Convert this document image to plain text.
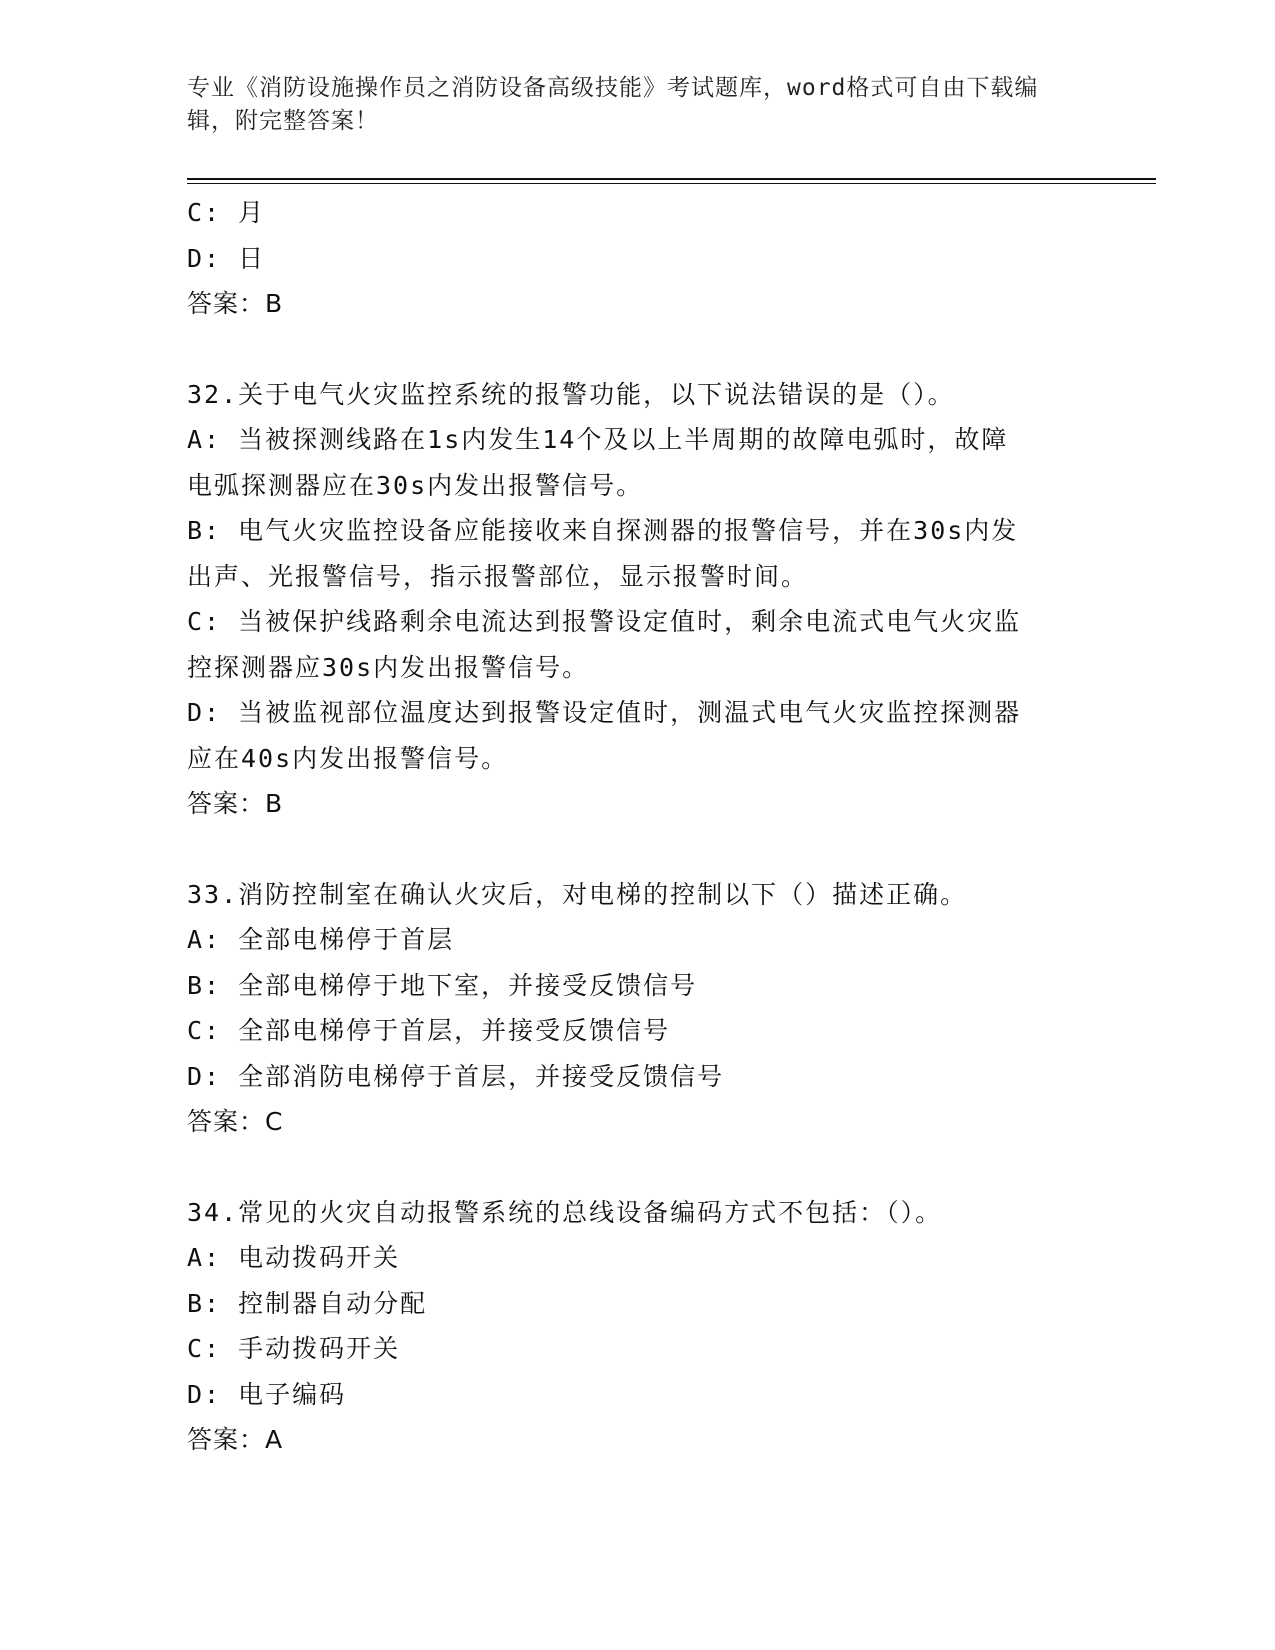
专业《消防设施操作员之消防设备高级技能》考试题库，word格式可自由下载编
辑，附完整答案！
C: 月
D: 日
答案：B
32.关于电气火灾监控系统的报警功能，以下说法错误的是（）。
A: 当被探测线路在1s内发生14个及以上半周期的故障电弧时，故障
电弧探测器应在30s内发出报警信号。
B: 电气火灾监控设备应能接收来自探测器的报警信号，并在30s内发
出声、光报警信号，指示报警部位，显示报警时间。
C: 当被保护线路剩余电流达到报警设定值时，剩余电流式电气火灾监
控探测器应30s内发出报警信号。
D: 当被监视部位温度达到报警设定值时，测温式电气火灾监控探测器
应在40s内发出报警信号。
答案：B
33.消防控制室在确认火灾后，对电梯的控制以下（）描述正确。
A: 全部电梯停于首层
B: 全部电梯停于地下室，并接受反馈信号
C: 全部电梯停于首层，并接受反馈信号
D: 全部消防电梯停于首层，并接受反馈信号
答案：C
34.常见的火灾自动报警系统的总线设备编码方式不包括：（）。
A: 电动拨码开关
B: 控制器自动分配
C: 手动拨码开关
D: 电子编码
答案：A
